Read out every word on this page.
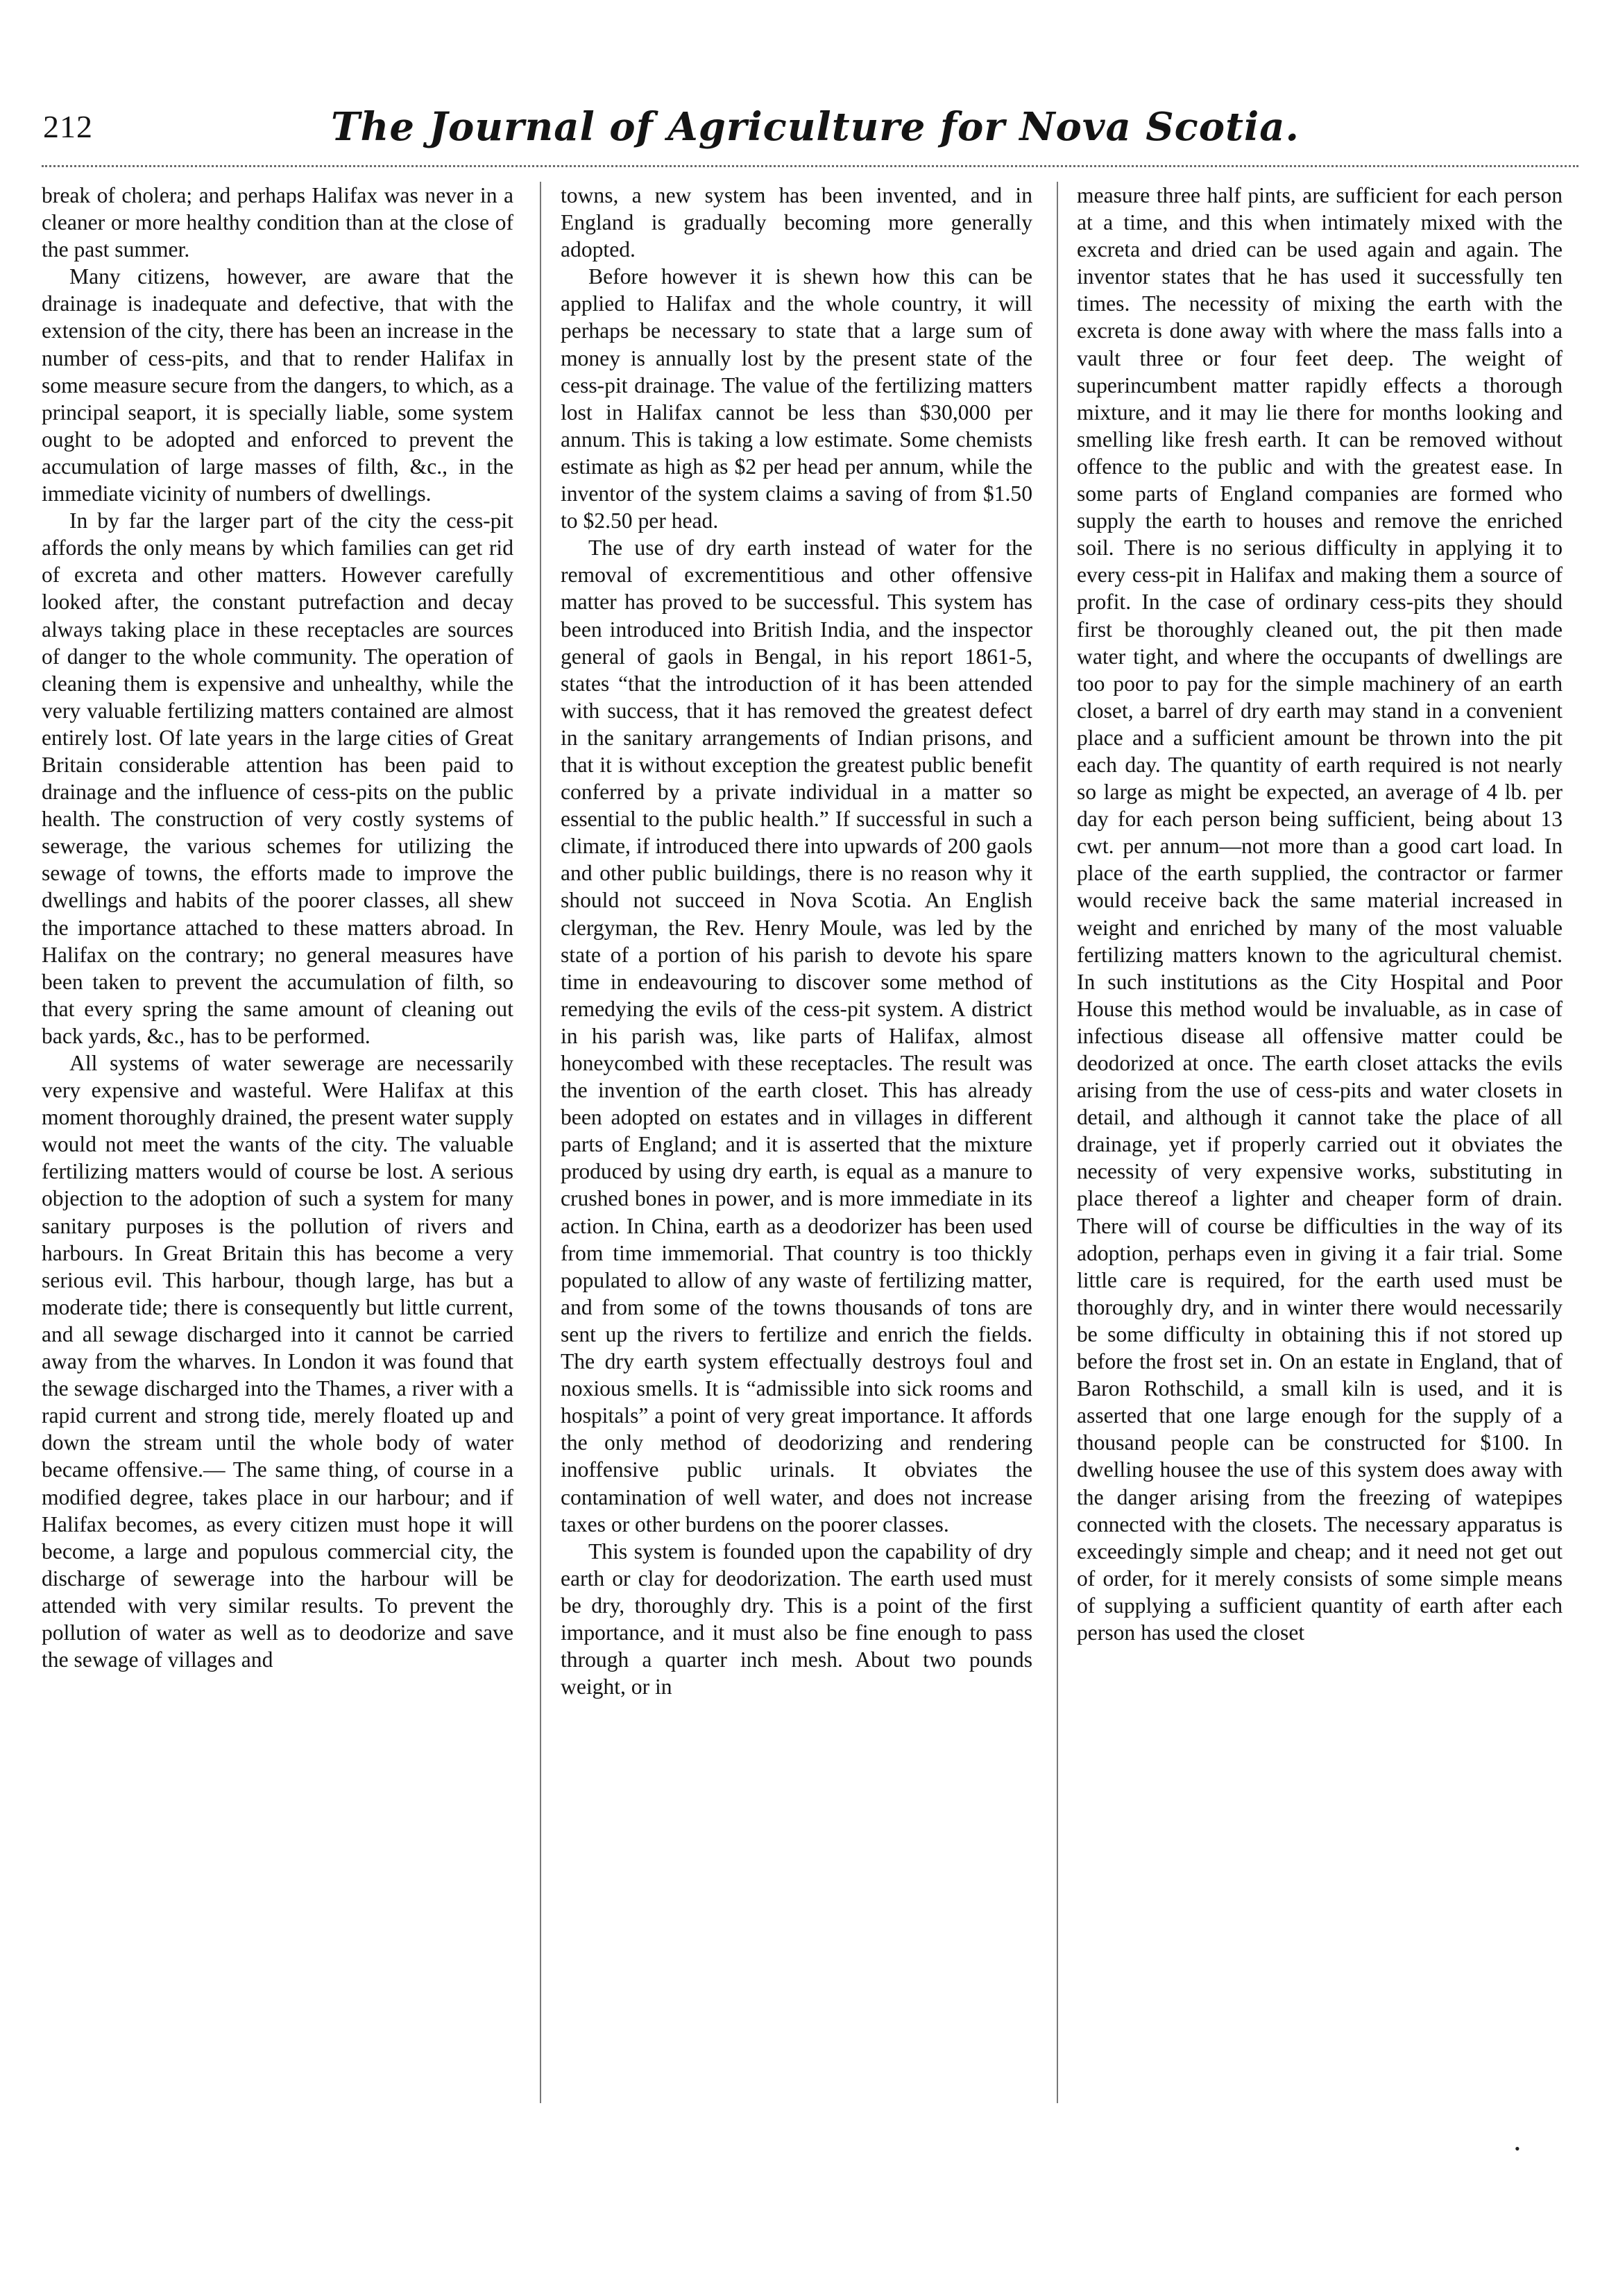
212	The Journal of Agriculture for Nova Scotia.

break of cholera; and perhaps Halifax was never in a cleaner or more healthy condition than at the close of the past summer.

Many citizens, however, are aware that the drainage is inadequate and defective, that with the extension of the city, there has been an increase in the number of cess-pits, and that to render Halifax in some measure secure from the dangers, to which, as a principal seaport, it is specially liable, some system ought to be adopted and enforced to prevent the accumulation of large masses of filth, &c., in the immediate vicinity of numbers of dwellings.

In by far the larger part of the city the cess-pit affords the only means by which families can get rid of excreta and other matters. However carefully looked after, the constant putrefaction and decay always taking place in these receptacles are sources of danger to the whole community. The operation of cleaning them is expensive and unhealthy, while the very valuable fertilizing matters contained are almost entirely lost. Of late years in the large cities of Great Britain considerable attention has been paid to drainage and the influence of cess-pits on the public health. The construction of very costly systems of sewerage, the various schemes for utilizing the sewage of towns, the efforts made to improve the dwellings and habits of the poorer classes, all shew the importance attached to these matters abroad. In Halifax on the contrary; no general measures have been taken to prevent the accumulation of filth, so that every spring the same amount of cleaning out back yards, &c., has to be performed.

All systems of water sewerage are necessarily very expensive and wasteful. Were Halifax at this moment thoroughly drained, the present water supply would not meet the wants of the city. The valuable fertilizing matters would of course be lost. A serious objection to the adoption of such a system for many sanitary purposes is the pollution of rivers and harbours. In Great Britain this has become a very serious evil. This harbour, though large, has but a moderate tide; there is consequently but little current, and all sewage discharged into it cannot be carried away from the wharves. In London it was found that the sewage discharged into the Thames, a river with a rapid current and strong tide, merely floated up and down the stream until the whole body of water became offensive.— The same thing, of course in a modified degree, takes place in our harbour; and if Halifax becomes, as every citizen must hope it will become, a large and populous commercial city, the discharge of sewerage into the harbour will be attended with very similar results. To prevent the pollution of water as well as to deodorize and save the sewage of villages and

towns, a new system has been invented, and in England is gradually becoming more generally adopted.

Before however it is shewn how this can be applied to Halifax and the whole country, it will perhaps be necessary to state that a large sum of money is annually lost by the present state of the cess-pit drainage. The value of the fertilizing matters lost in Halifax cannot be less than $30,000 per annum. This is taking a low estimate. Some chemists estimate as high as $2 per head per annum, while the inventor of the system claims a saving of from $1.50 to $2.50 per head.

The use of dry earth instead of water for the removal of excrementitious and other offensive matter has proved to be successful. This system has been introduced into British India, and the inspector general of gaols in Bengal, in his report 1861-5, states “that the introduction of it has been attended with success, that it has removed the greatest defect in the sanitary arrangements of Indian prisons, and that it is without exception the greatest public benefit conferred by a private individual in a matter so essential to the public health.” If successful in such a climate, if introduced there into upwards of 200 gaols and other public buildings, there is no reason why it should not succeed in Nova Scotia. An English clergyman, the Rev. Henry Moule, was led by the state of a portion of his parish to devote his spare time in endeavouring to discover some method of remedying the evils of the cess-pit system. A district in his parish was, like parts of Halifax, almost honeycombed with these receptacles. The result was the invention of the earth closet. This has already been adopted on estates and in villages in different parts of England; and it is asserted that the mixture produced by using dry earth, is equal as a manure to crushed bones in power, and is more immediate in its action. In China, earth as a deodorizer has been used from time immemorial. That country is too thickly populated to allow of any waste of fertilizing matter, and from some of the towns thousands of tons are sent up the rivers to fertilize and enrich the fields. The dry earth system effectually destroys foul and noxious smells. It is “admissible into sick rooms and hospitals” a point of very great importance. It affords the only method of deodorizing and rendering inoffensive public urinals. It obviates the contamination of well water, and does not increase taxes or other burdens on the poorer classes.

This system is founded upon the capability of dry earth or clay for deodorization. The earth used must be dry, thoroughly dry. This is a point of the first importance, and it must also be fine enough to pass through a quarter inch mesh. About two pounds weight, or in

measure three half pints, are sufficient for each person at a time, and this when intimately mixed with the excreta and dried can be used again and again. The inventor states that he has used it successfully ten times. The necessity of mixing the earth with the excreta is done away with where the mass falls into a vault three or four feet deep. The weight of superincumbent matter rapidly effects a thorough mixture, and it may lie there for months looking and smelling like fresh earth. It can be removed without offence to the public and with the greatest ease. In some parts of England companies are formed who supply the earth to houses and remove the enriched soil. There is no serious difficulty in applying it to every cess-pit in Halifax and making them a source of profit. In the case of ordinary cess-pits they should first be thoroughly cleaned out, the pit then made water tight, and where the occupants of dwellings are too poor to pay for the simple machinery of an earth closet, a barrel of dry earth may stand in a convenient place and a sufficient amount be thrown into the pit each day. The quantity of earth required is not nearly so large as might be expected, an average of 4 lb. per day for each person being sufficient, being about 13 cwt. per annum—not more than a good cart load. In place of the earth supplied, the contractor or farmer would receive back the same material increased in weight and enriched by many of the most valuable fertilizing matters known to the agricultural chemist. In such institutions as the City Hospital and Poor House this method would be invaluable, as in case of infectious disease all offensive matter could be deodorized at once. The earth closet attacks the evils arising from the use of cess-pits and water closets in detail, and although it cannot take the place of all drainage, yet if properly carried out it obviates the necessity of very expensive works, substituting in place thereof a lighter and cheaper form of drain. There will of course be difficulties in the way of its adoption, perhaps even in giving it a fair trial. Some little care is required, for the earth used must be thoroughly dry, and in winter there would necessarily be some difficulty in obtaining this if not stored up before the frost set in. On an estate in England, that of Baron Rothschild, a small kiln is used, and it is asserted that one large enough for the supply of a thousand people can be constructed for $100. In dwelling housee the use of this system does away with the danger arising from the freezing of watepipes connected with the closets. The necessary apparatus is exceedingly simple and cheap; and it need not get out of order, for it merely consists of some simple means of supplying a sufficient quantity of earth after each person has used the closet

•
